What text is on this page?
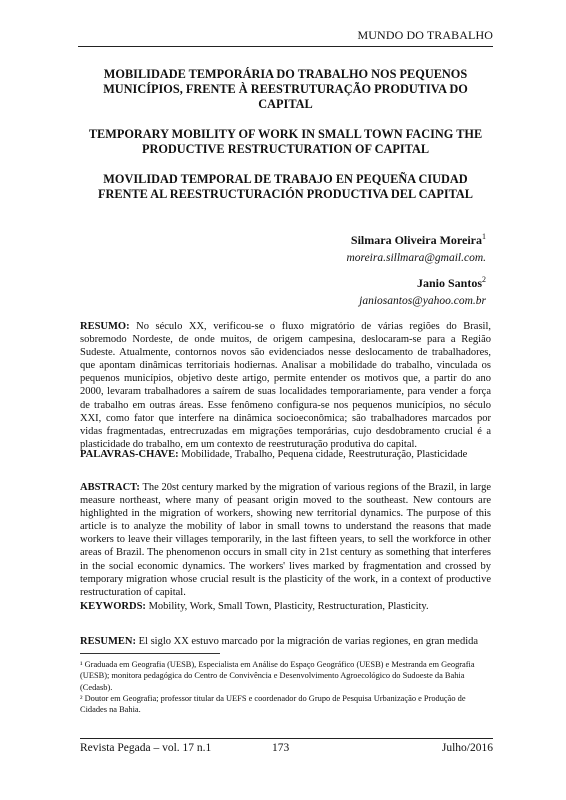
MUNDO DO TRABALHO
MOBILIDADE TEMPORÁRIA DO TRABALHO NOS PEQUENOS MUNICÍPIOS, FRENTE À REESTRUTURAÇÃO PRODUTIVA DO CAPITAL
TEMPORARY MOBILITY OF WORK IN SMALL TOWN FACING THE PRODUCTIVE RESTRUCTURATION OF CAPITAL
MOVILIDAD TEMPORAL DE TRABAJO EN PEQUEÑA CIUDAD FRENTE AL REESTRUCTURACIÓN PRODUCTIVA DEL CAPITAL
Silmara Oliveira Moreira$^1$
moreira.sillmara@gmail.com.
Janio Santos$^2$
janiosantos@yahoo.com.br

RESUMO: No século XX, verificou-se o fluxo migratório de várias regiões do Brasil, sobremodo Nordeste, de onde muitos, de origem campesina, deslocaram-se para a Região Sudeste. Atualmente, contornos novos são evidenciados nesse deslocamento de trabalhadores, que apontam dinâmicas territoriais hodiernas. Analisar a mobilidade do trabalho, vinculada os pequenos municípios, objetivo deste artigo, permite entender os motivos que, a partir do ano 2000, levaram trabalhadores a saírem de suas localidades temporariamente, para vender a força de trabalho em outras áreas. Esse fenômeno configura-se nos pequenos municípios, no século XXI, como fator que interfere na dinâmica socioeconômica; são trabalhadores marcados por vidas fragmentadas, entrecruzadas em migrações temporárias, cujo desdobramento crucial é a plasticidade do trabalho, em um contexto de reestruturação produtiva do capital.

PALAVRAS-CHAVE: Mobilidade, Trabalho, Pequena cidade, Reestruturação, Plasticidade

ABSTRACT: The 20st century marked by the migration of various regions of the Brazil, in large measure northeast, where many of peasant origin moved to the southeast. New contours are highlighted in the migration of workers, showing new territorial dynamics. The purpose of this article is to analyze the mobility of labor in small towns to understand the reasons that made workers to leave their villages temporarily, in the last fifteen years, to sell the workforce in other areas of Brazil. The phenomenon occurs in small city in 21st century as something that interferes in the social economic dynamics. The workers' lives marked by fragmentation and crossed by temporary migration whose crucial result is the plasticity of the work, in a context of productive restructuration of capital.

KEYWORDS: Mobility, Work, Small Town, Plasticity, Restructuration, Plasticity.

RESUMEN: El siglo XX estuvo marcado por la migración de varias regiones, en gran medida

¹ Graduada em Geografia (UESB), Especialista em Análise do Espaço Geográfico (UESB) e Mestranda em Geografia (UESB); monitora pedagógica do Centro de Convivência e Desenvolvimento Agroecológico do Sudoeste da Bahia (Cedasb).

² Doutor em Geografia; professor titular da UEFS e coordenador do Grupo de Pesquisa Urbanização e Produção de Cidades na Bahia.

Revista Pegada – vol. 17 n.1	173	Julho/2016
